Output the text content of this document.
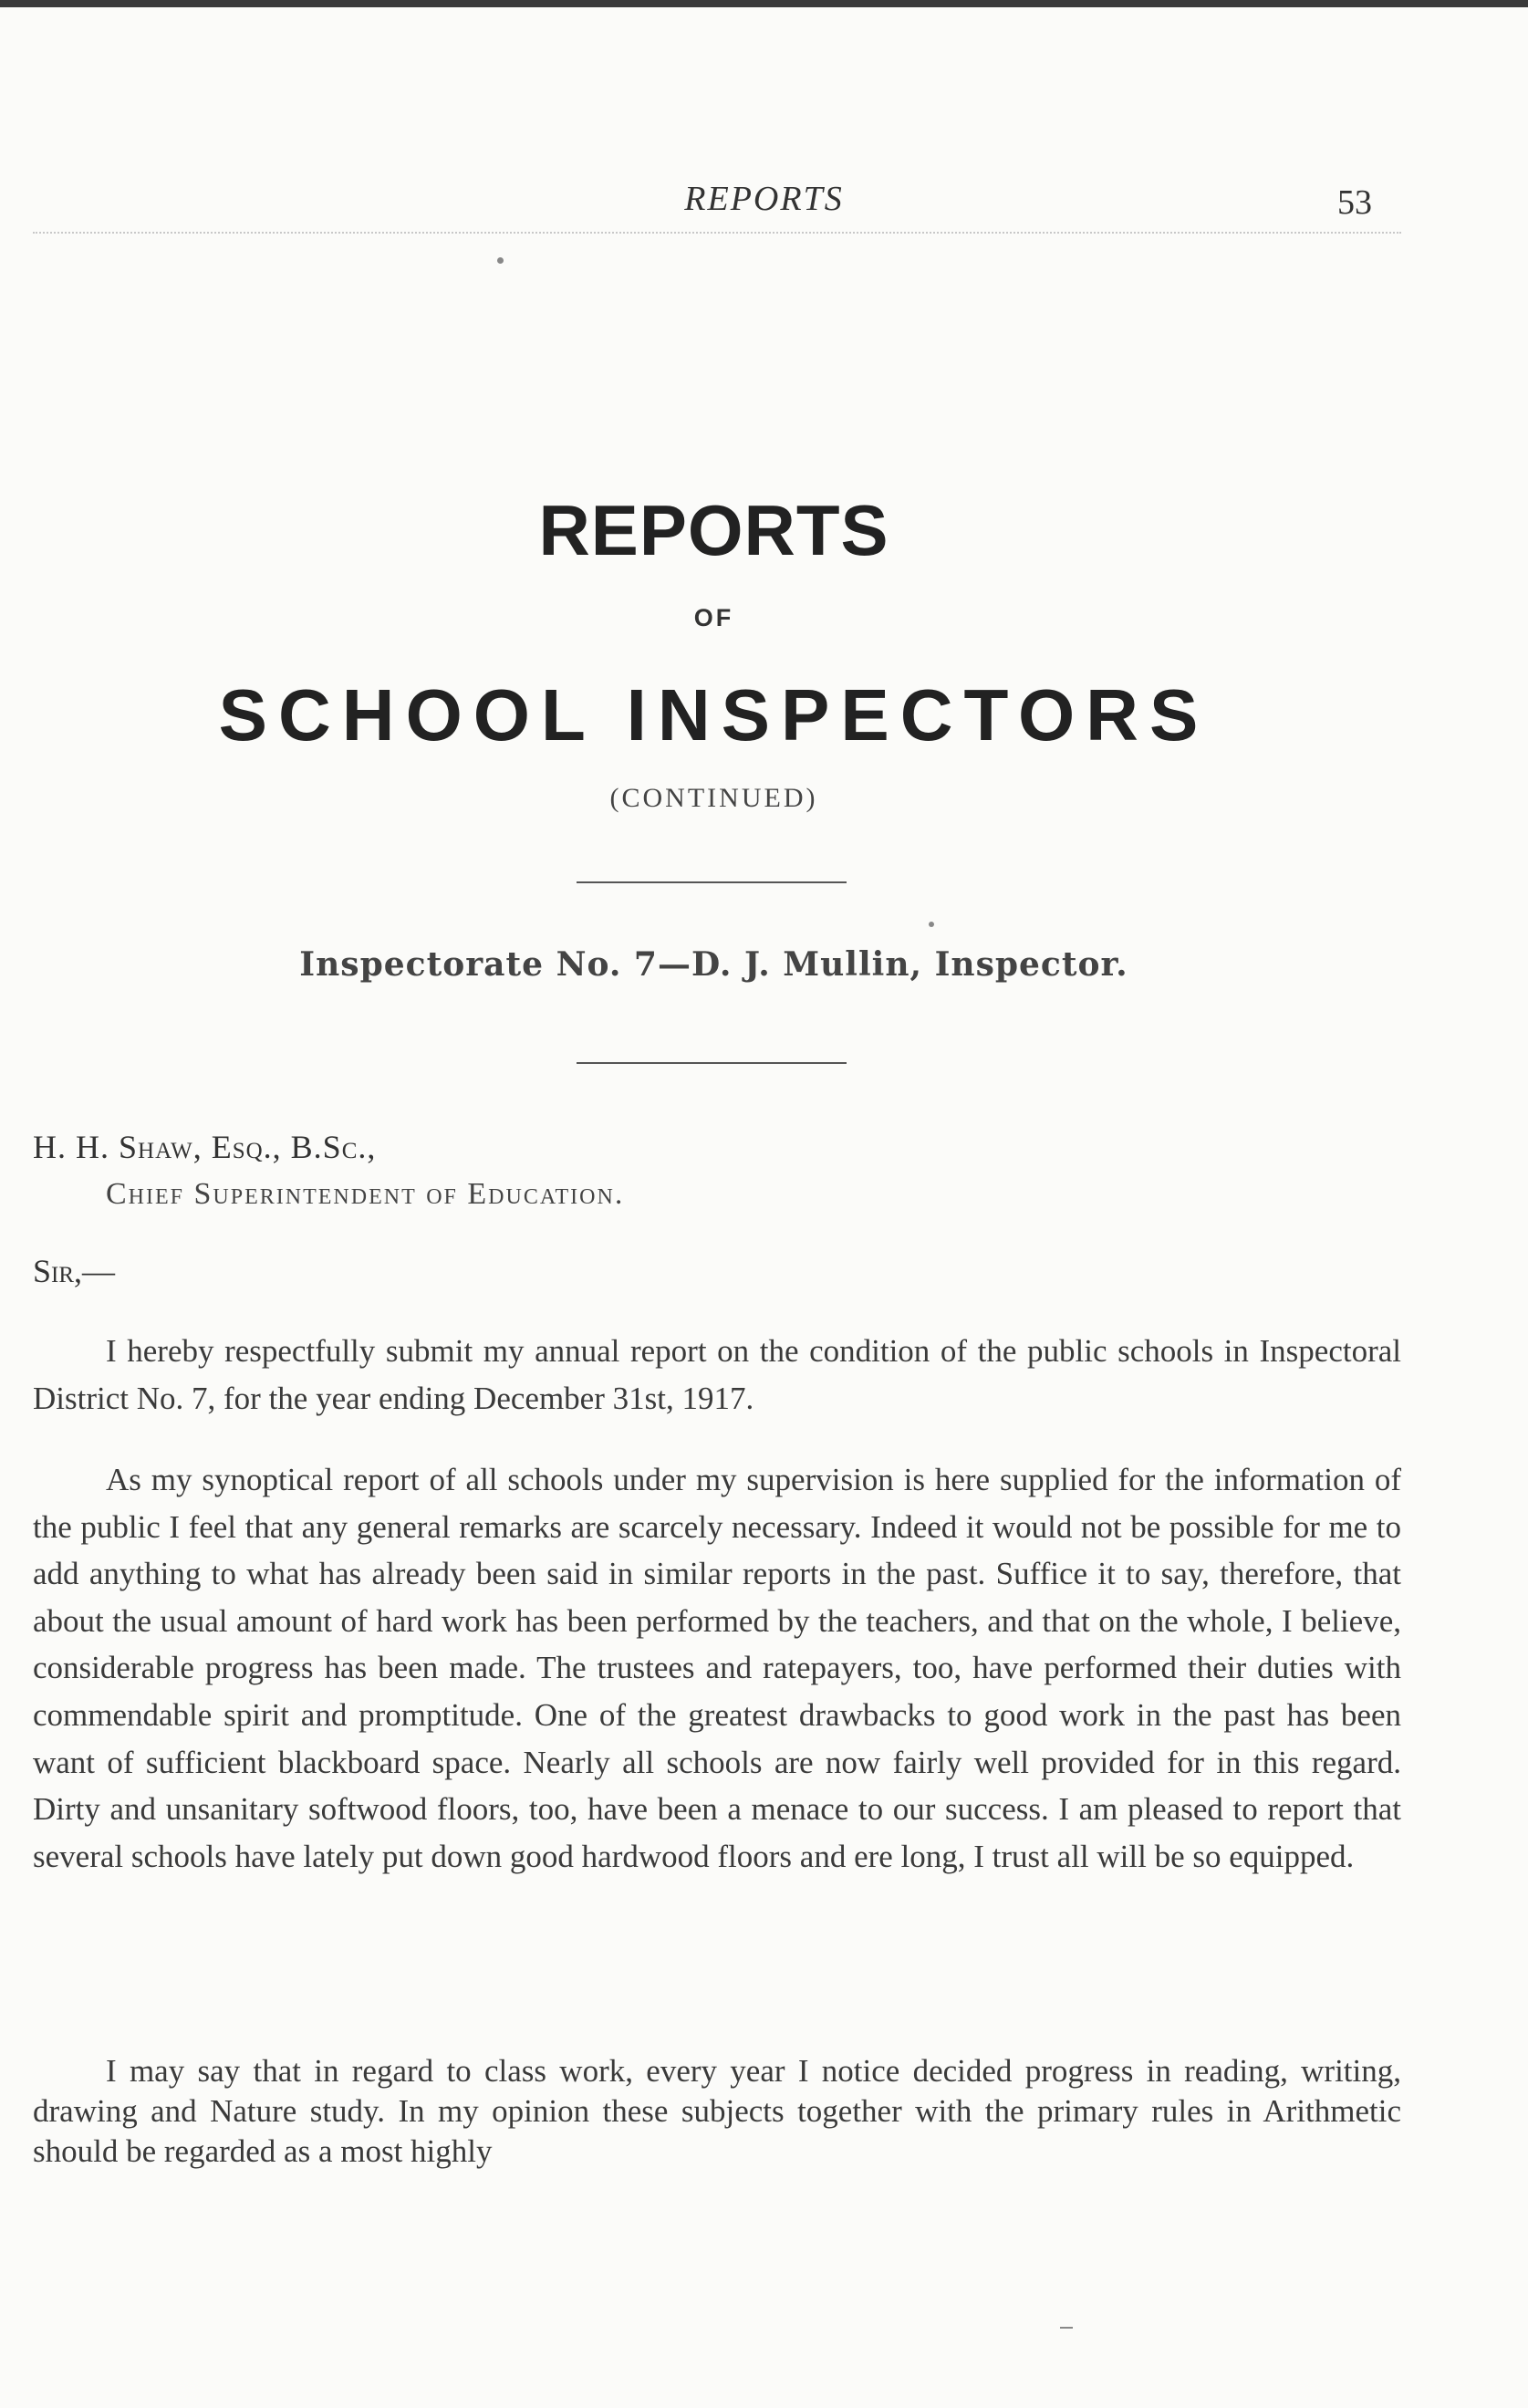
REPORTS	53
REPORTS
OF
SCHOOL INSPECTORS
(CONTINUED)
Inspectorate No. 7—D. J. Mullin, Inspector.
H. H. Shaw, Esq., B.Sc.,
Chief Superintendent of Education.
Sir,—

I hereby respectfully submit my annual report on the condition of the public schools in Inspectoral District No. 7, for the year ending December 31st, 1917.

As my synoptical report of all schools under my supervision is here supplied for the information of the public I feel that any general remarks are scarcely necessary. Indeed it would not be possible for me to add anything to what has already been said in similar reports in the past. Suffice it to say, therefore, that about the usual amount of hard work has been performed by the teachers, and that on the whole, I believe, considerable progress has been made. The trustees and ratepayers, too, have performed their duties with commendable spirit and promptitude. One of the greatest drawbacks to good work in the past has been want of sufficient blackboard space. Nearly all schools are now fairly well provided for in this regard. Dirty and unsanitary softwood floors, too, have been a menace to our success. I am pleased to report that several schools have lately put down good hardwood floors and ere long, I trust all will be so equipped.

I may say that in regard to class work, every year I notice decided progress in reading, writing, drawing and Nature study. In my opinion these subjects together with the primary rules in Arithmetic should be regarded as a most highly
